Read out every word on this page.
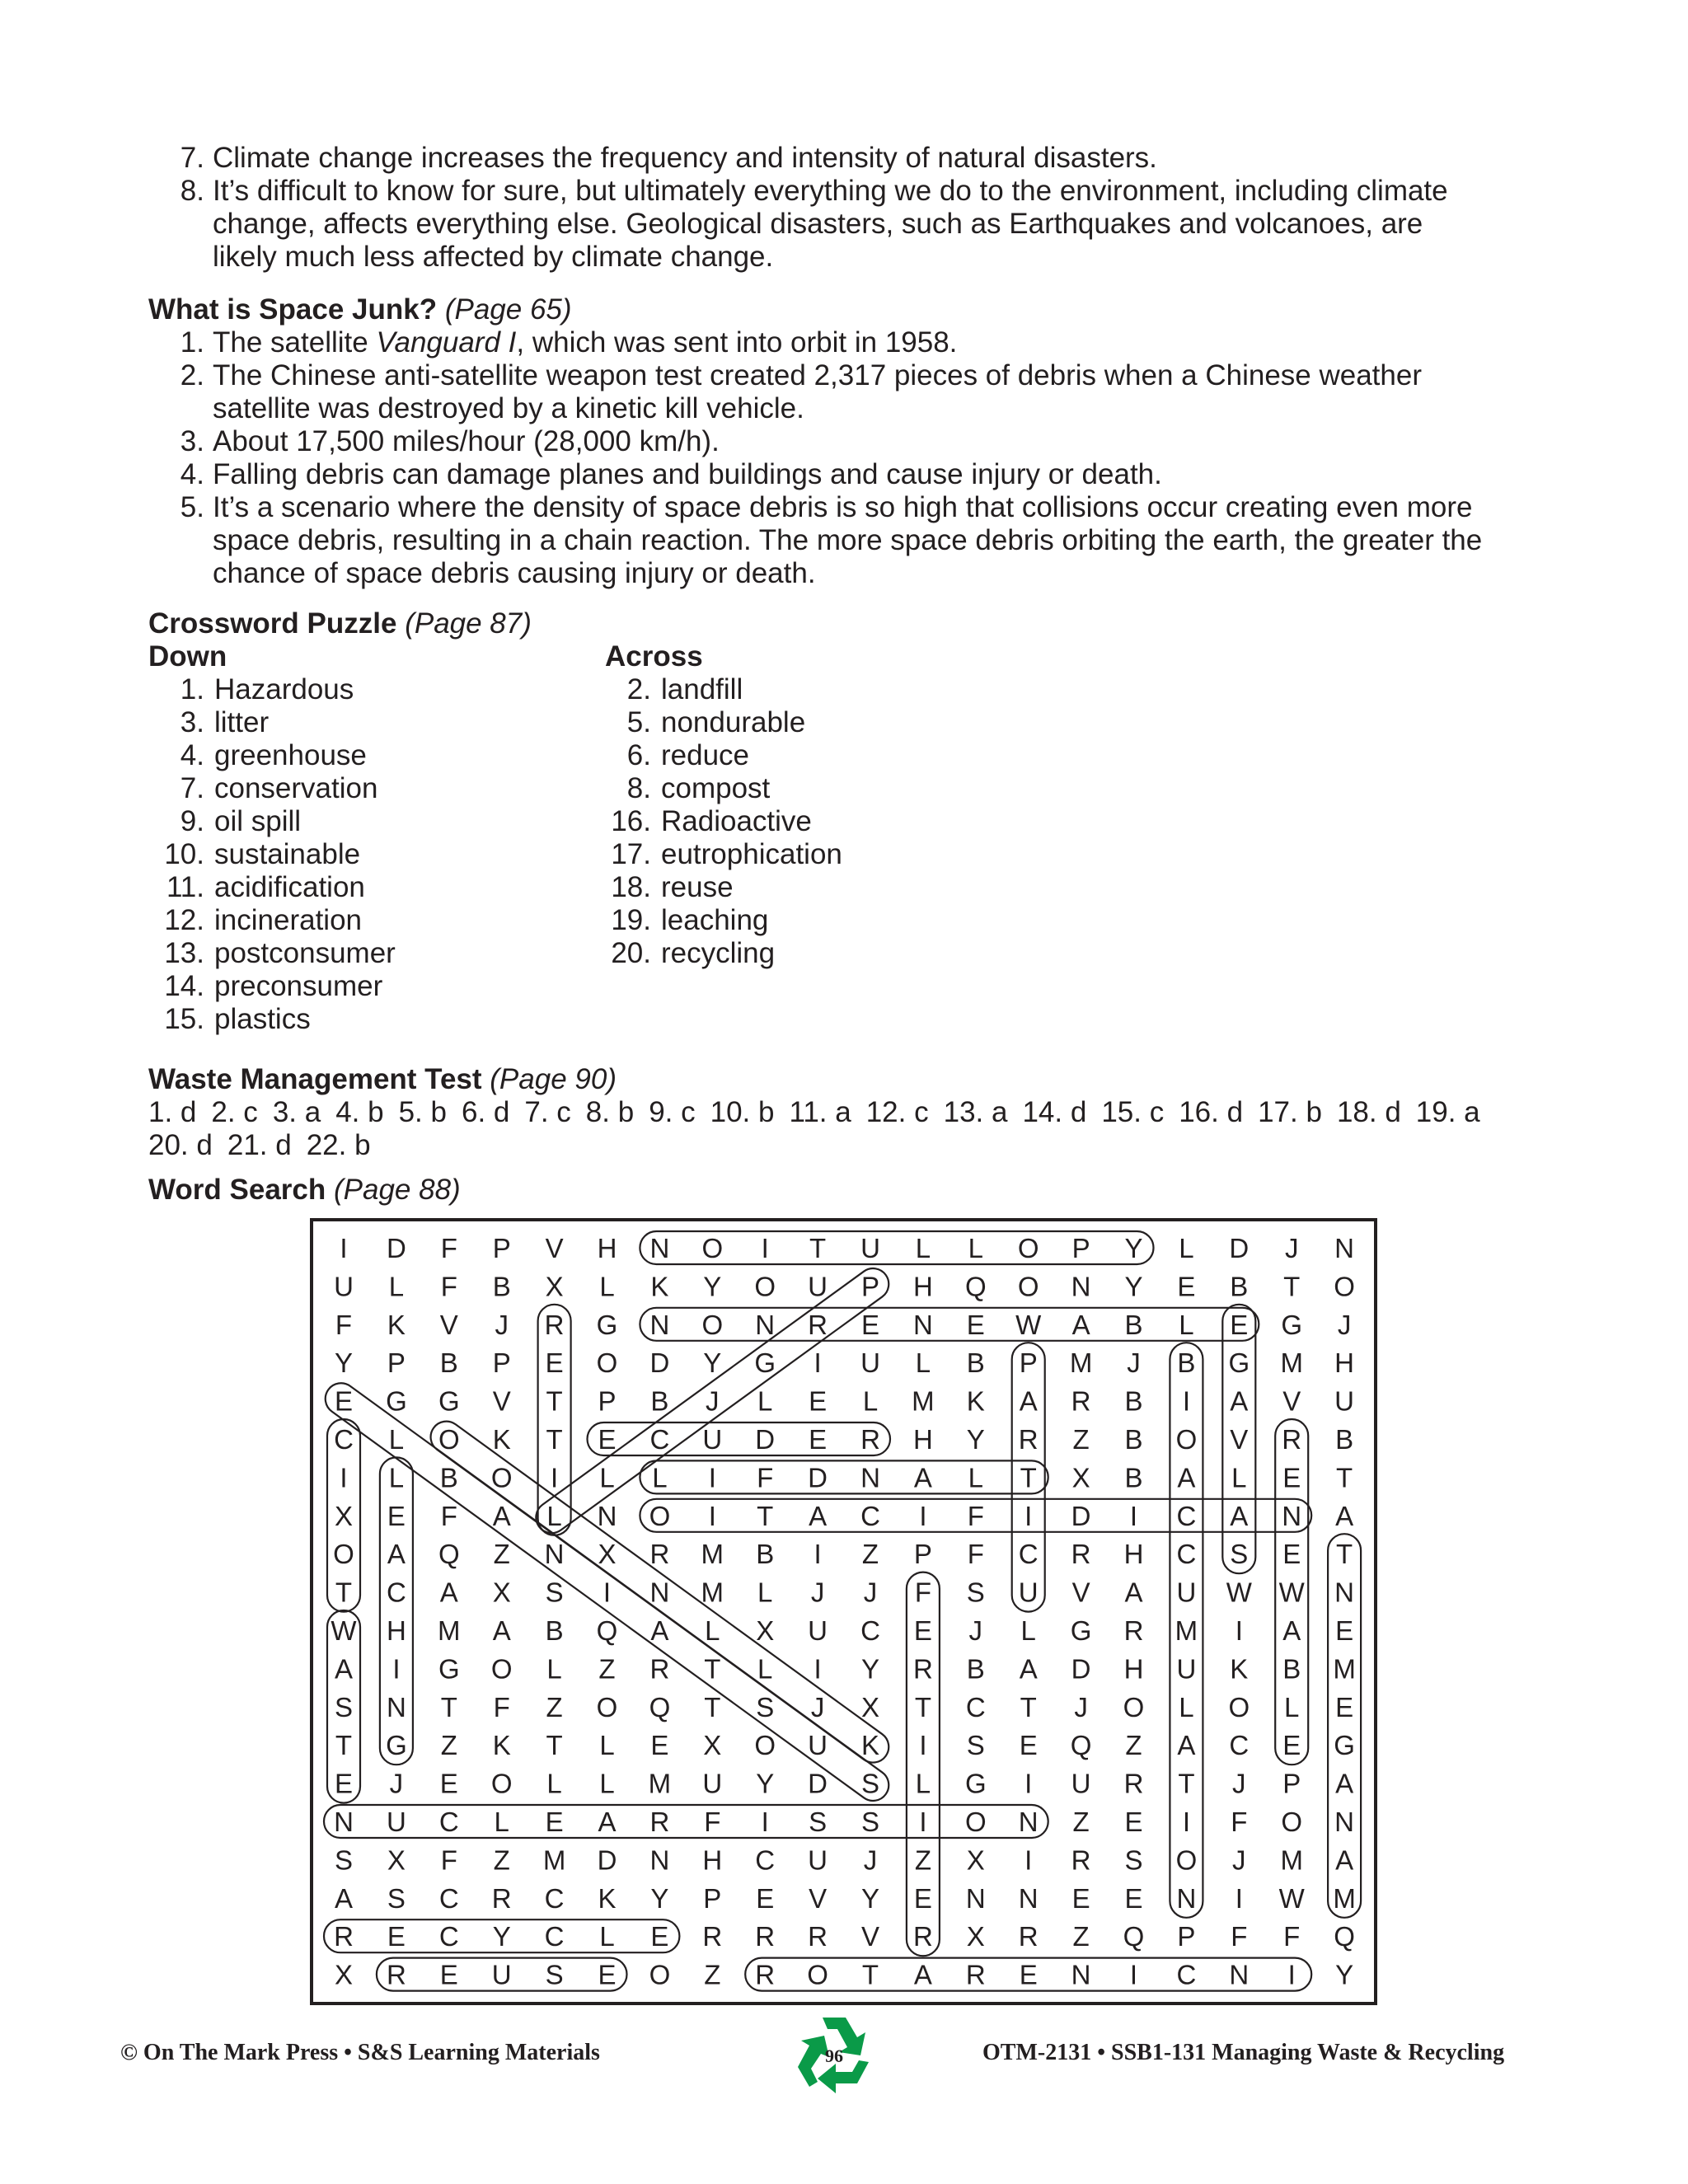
7. Climate change increases the frequency and intensity of natural disasters.
8. It’s difficult to know for sure, but ultimately everything we do to the environment, including climate
change, affects everything else. Geological disasters, such as Earthquakes and volcanoes, are
likely much less affected by climate change.
What is Space Junk? (Page 65)
1. The satellite Vanguard I, which was sent into orbit in 1958.
2. The Chinese anti-satellite weapon test created 2,317 pieces of debris when a Chinese weather
satellite was destroyed by a kinetic kill vehicle.
3. About 17,500 miles/hour (28,000 km/h).
4. Falling debris can damage planes and buildings and cause injury or death.
5. It’s a scenario where the density of space debris is so high that collisions occur creating even more
space debris, resulting in a chain reaction. The more space debris orbiting the earth, the greater the
chance of space debris causing injury or death.
Crossword Puzzle (Page 87)
Down	Across
1. Hazardous
3. litter
4. greenhouse
7. conservation
9. oil spill
10. sustainable
11. acidification
12. incineration
13. postconsumer
14. preconsumer
15. plastics
2. landfill
5. nondurable
6. reduce
8. compost
16. Radioactive
17. eutrophication
18. reuse
19. leaching
20. recycling
Waste Management Test (Page 90)
1. d 2. c 3. a 4. b 5. b 6. d 7. c 8. b 9. c 10. b 11. a 12. c 13. a 14. d 15. c 16. d 17. b 18. d 19. a20. d 21. d 22. b
Word Search (Page 88)
I D F P V H N O I T U L L O P Y L D J N
U L F B X L K Y O U P H Q O N Y E B T O
F K V J R G N O N R E N E W A B L E G J
Y P B P E O D Y G I U L B P M J B G M H
E G G V T P B J L E L M K A R B I A V U
C L O K T E C U D E R H Y R Z B O V R B
I L B O I L L I F D N A L T X B A L E T
X E F A L N O I T A C I F I D I C A N A
O A Q Z N X R M B I Z P F C R H C S E T
T C A X S I N M L J J F S U V A U W W N
W H M A B Q A L X U C E J L G R M I A E
A I G O L Z R T L I Y R B A D H U K B M
S N T F Z O Q T S J X T C T J O L O L E
T G Z K T L E X O U K I S E Q Z A C E G
E J E O L L M U Y D S L G I U R T J P A
N U C L E A R F I S S I O N Z E I F O N
S X F Z M D N H C U J Z X I R S O J M A
A S C R C K Y P E V Y E N N E E N I W M
R E C Y C L E R R R V R X R Z Q P F F Q
X R E U S E O Z R O T A R E N I C N I Y
© On The Mark Press • S&S Learning Materials	96	OTM-2131 • SSB1-131 Managing Waste & Recycling
